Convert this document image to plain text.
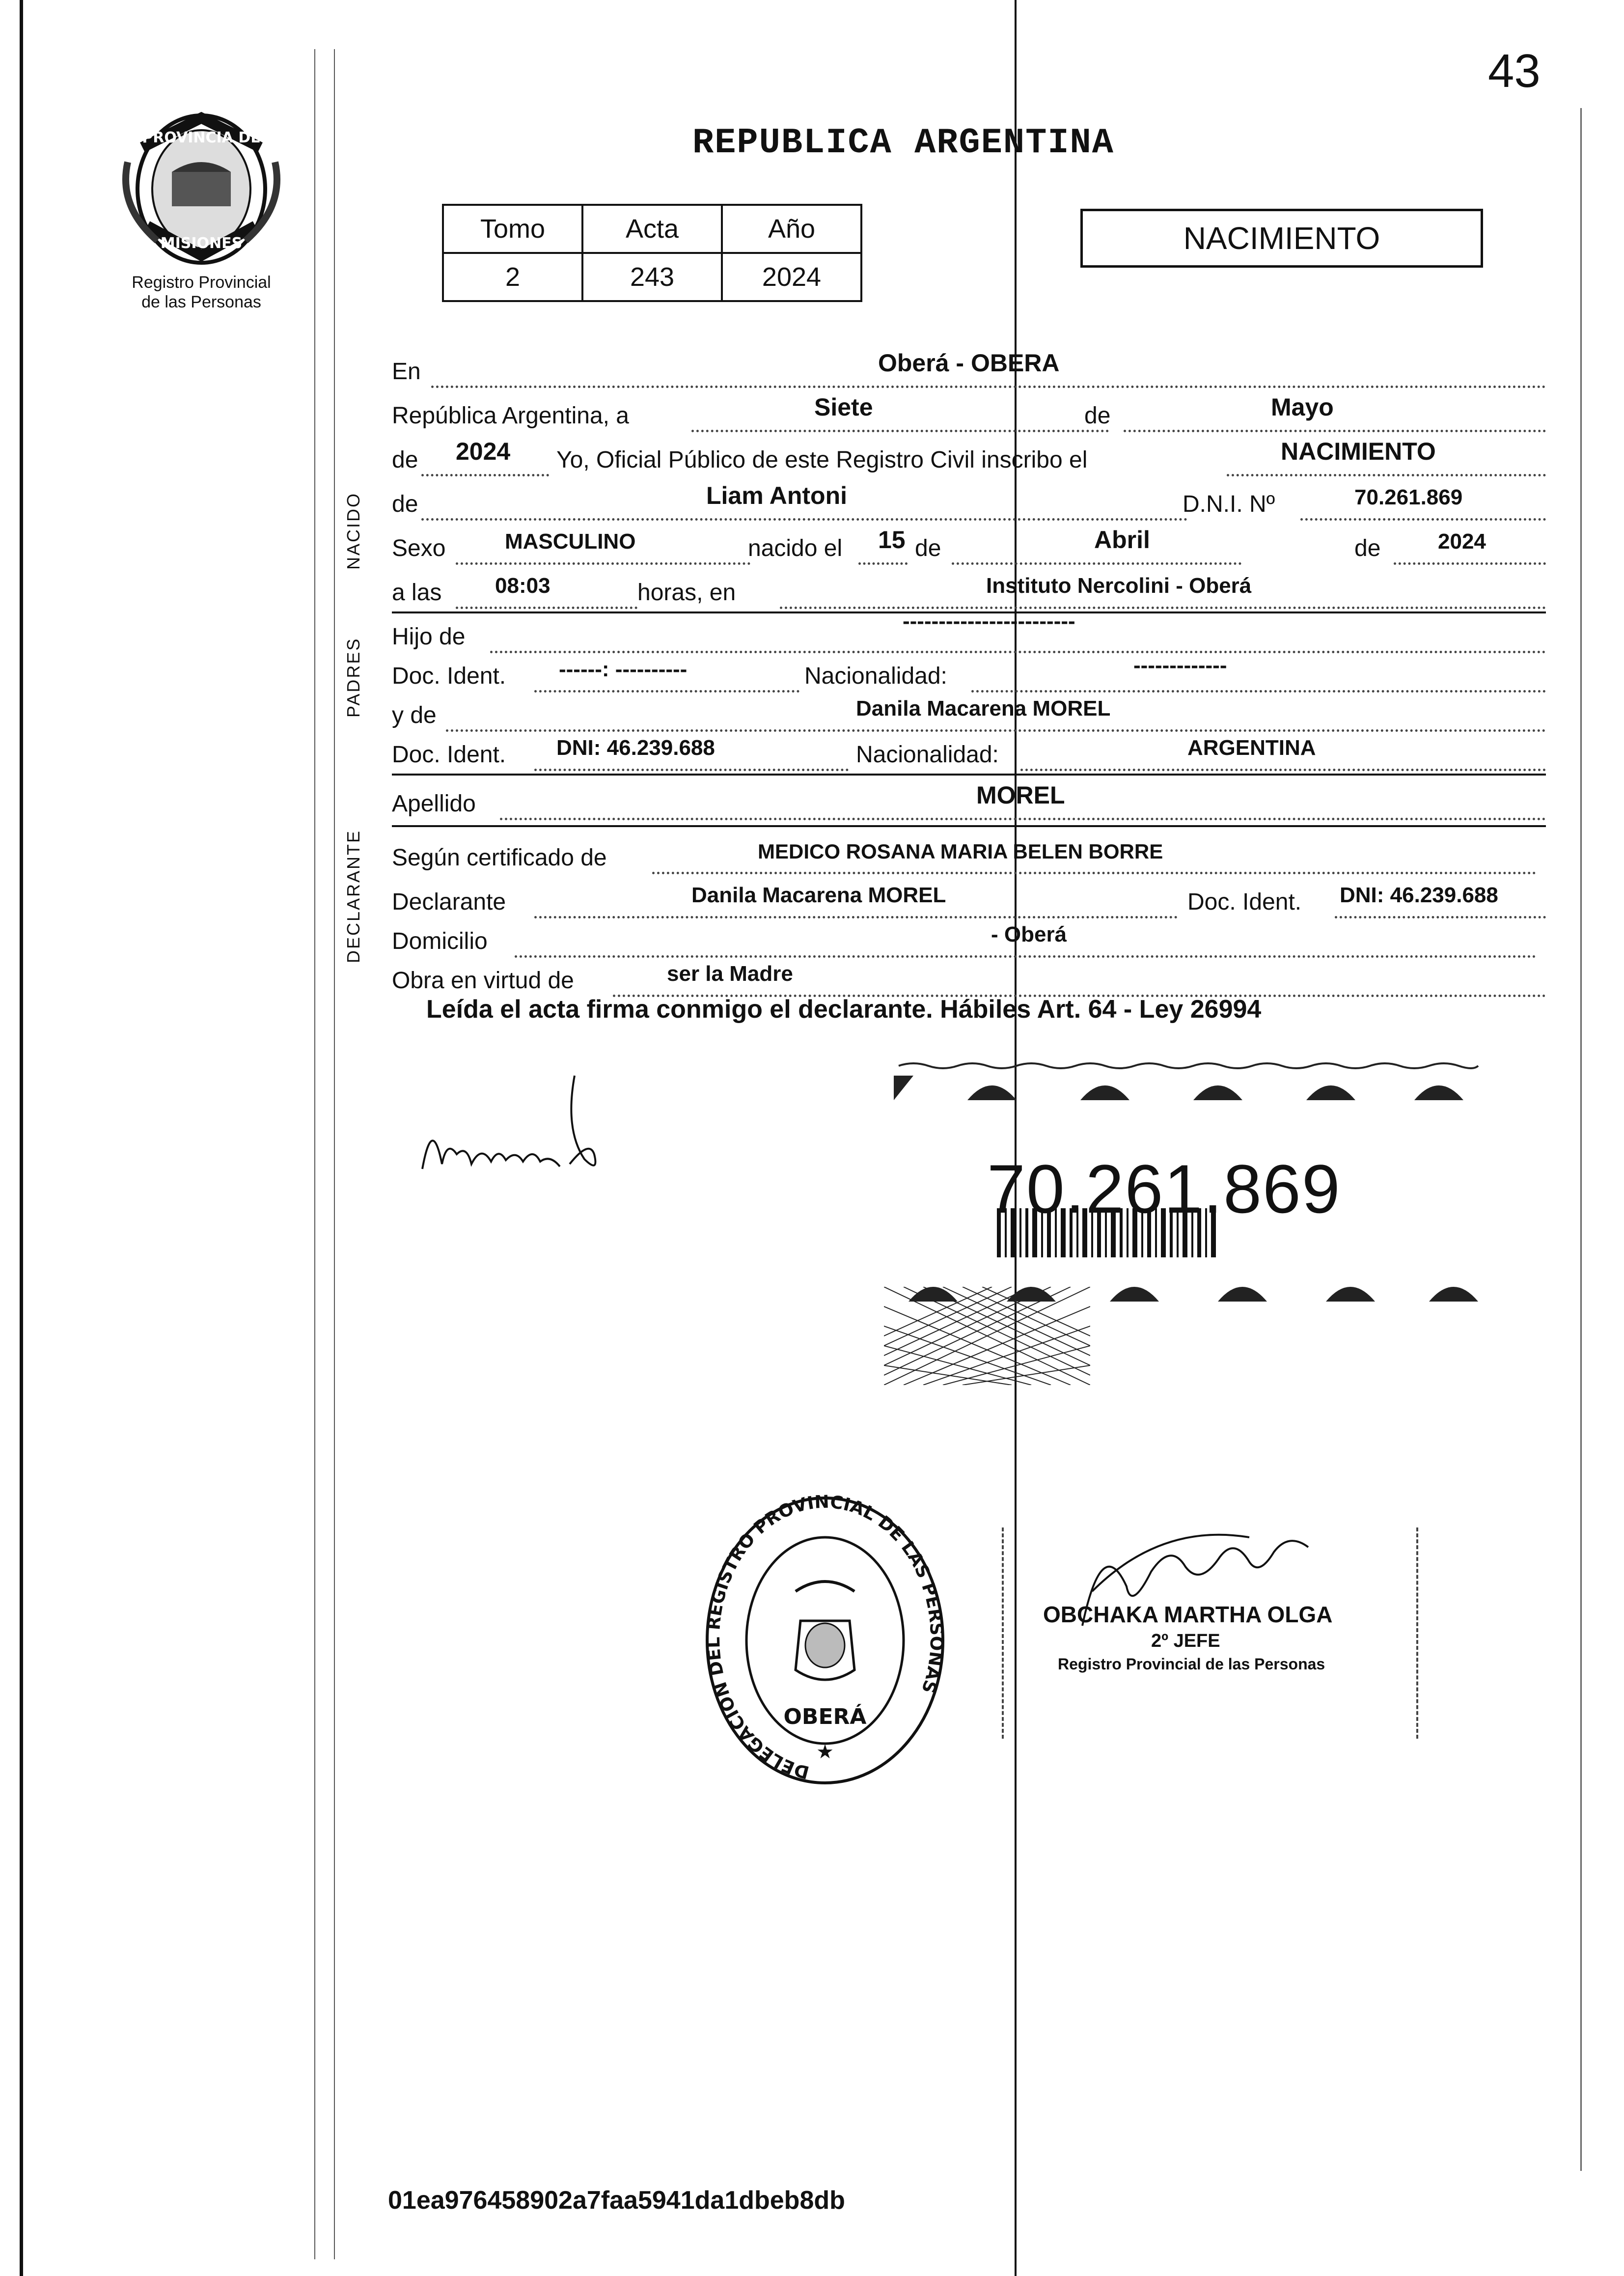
43
REPUBLICA ARGENTINA
PROVINCIA DE
MISIONES
Registro Provincial
de las Personas
Tomo	Acta	Año
2	243	2024
NACIMIENTO
En	Oberá - OBERA
República Argentina, a	Siete	de	Mayo
de 2024 Yo, Oficial Público de este Registro Civil inscribo el	NACIMIENTO
NACIDO de	Liam Antoni	D.N.I. Nº	70.261.869
Sexo	MASCULINO	nacido el 15 de	Abril	de	2024
a las 08:03	horas, en	Instituto Nercolini - Oberá
PADRES
Hijo de
------------------------
Doc. Ident. ------: ----------	Nacionalidad:	-------------
y de	Danila Macarena MOREL
Doc. Ident. DNI: 46.239.688	Nacionalidad:	ARGENTINA
Apellido	MOREL
DECLARANTE Según certificado de	MEDICO ROSANA MARIA BELEN BORRE
Declarante	Danila Macarena MOREL	Doc. Ident. DNI: 46.239.688
Domicilio	- Oberá
Obra en virtud de	ser la Madre
Leída el acta firma conmigo el declarante. Hábiles Art. 64 - Ley 26994
70.261.869
DELEGACION DEL REGISTRO PROVINCIAL DE LAS PERSONAS
OBERÁ
★
OBCHAKA MARTHA OLGA
2º JEFE
Registro Provincial de las Personas
01ea976458902a7faa5941da1dbeb8db
